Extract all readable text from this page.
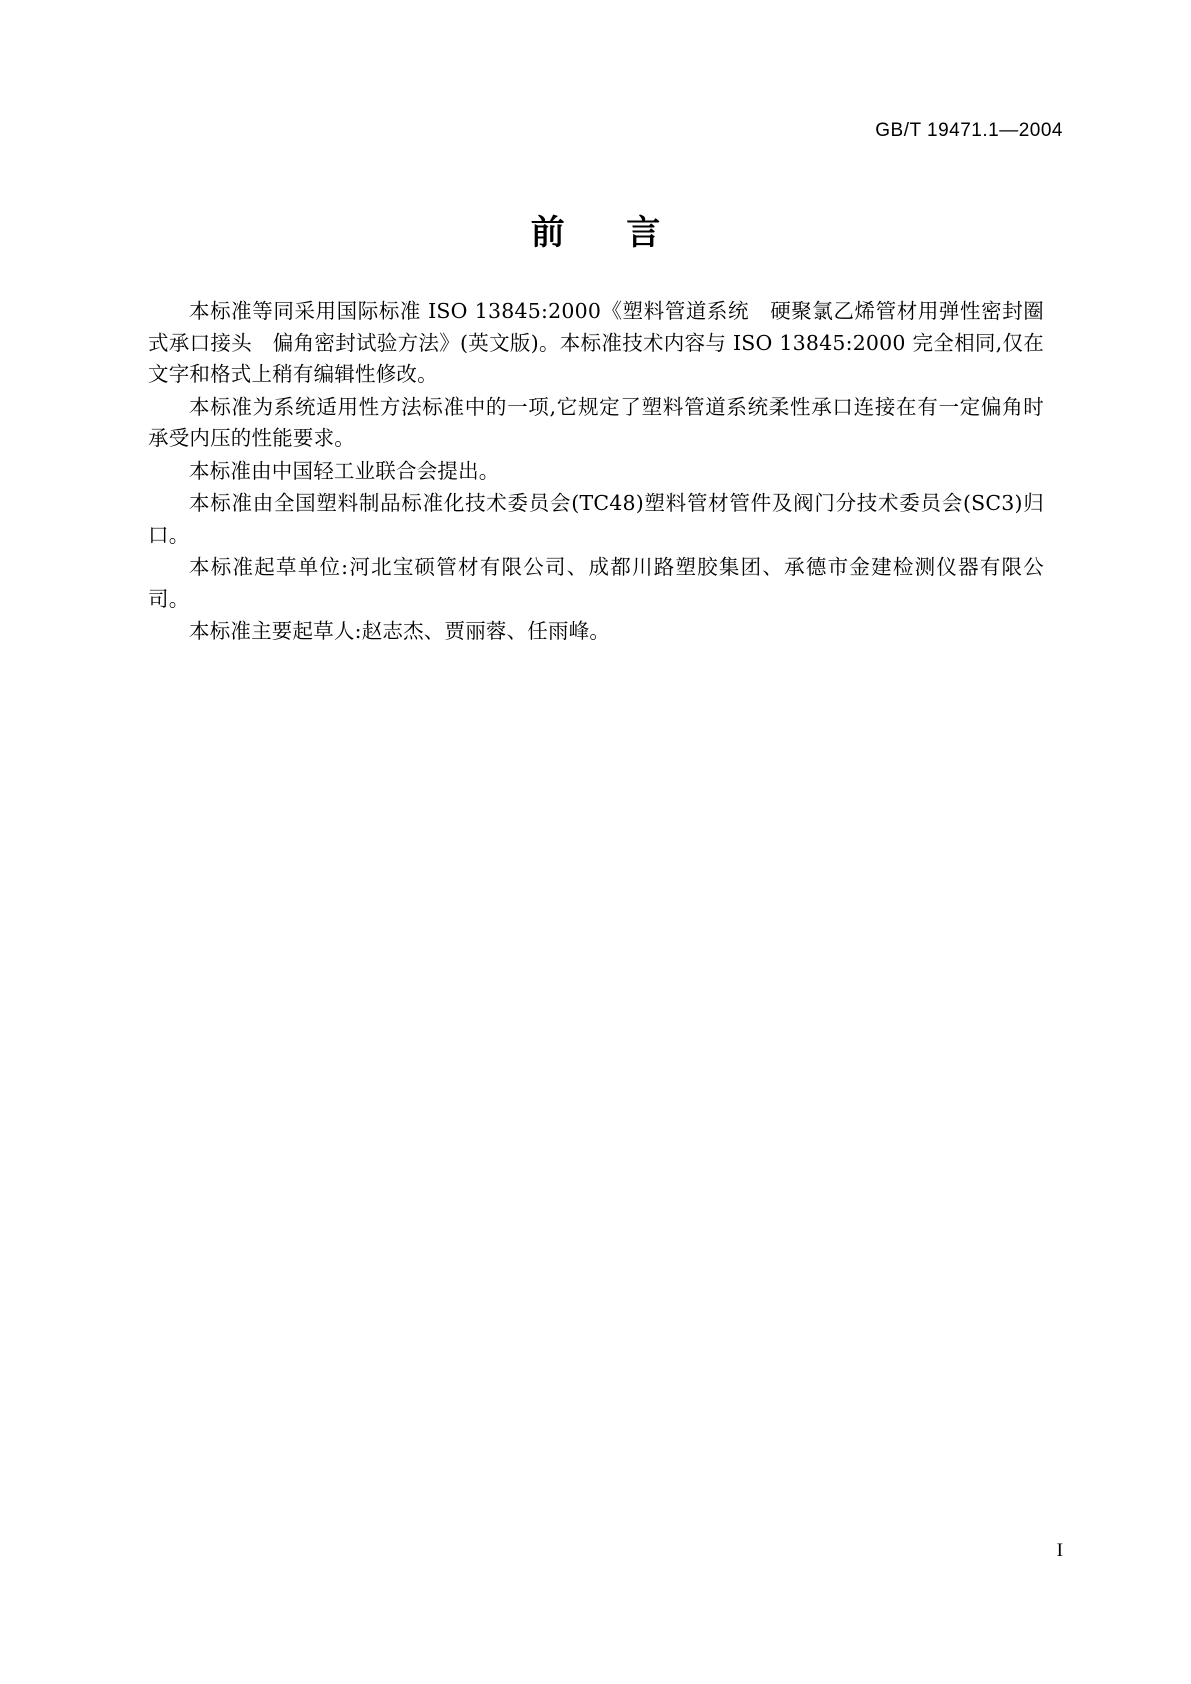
GB/T 19471.1—2004
前 言

本标准等同采用国际标准 ISO 13845:2000《塑料管道系统　硬聚氯乙烯管材用弹性密封圈式承口接头　偏角密封试验方法》(英文版)。本标准技术内容与 ISO 13845:2000 完全相同,仅在文字和格式上稍有编辑性修改。

本标准为系统适用性方法标准中的一项,它规定了塑料管道系统柔性承口连接在有一定偏角时承受内压的性能要求。

本标准由中国轻工业联合会提出。

本标准由全国塑料制品标准化技术委员会(TC48)塑料管材管件及阀门分技术委员会(SC3)归口。

本标准起草单位:河北宝硕管材有限公司、成都川路塑胶集团、承德市金建检测仪器有限公司。

本标准主要起草人:赵志杰、贾丽蓉、任雨峰。

I
